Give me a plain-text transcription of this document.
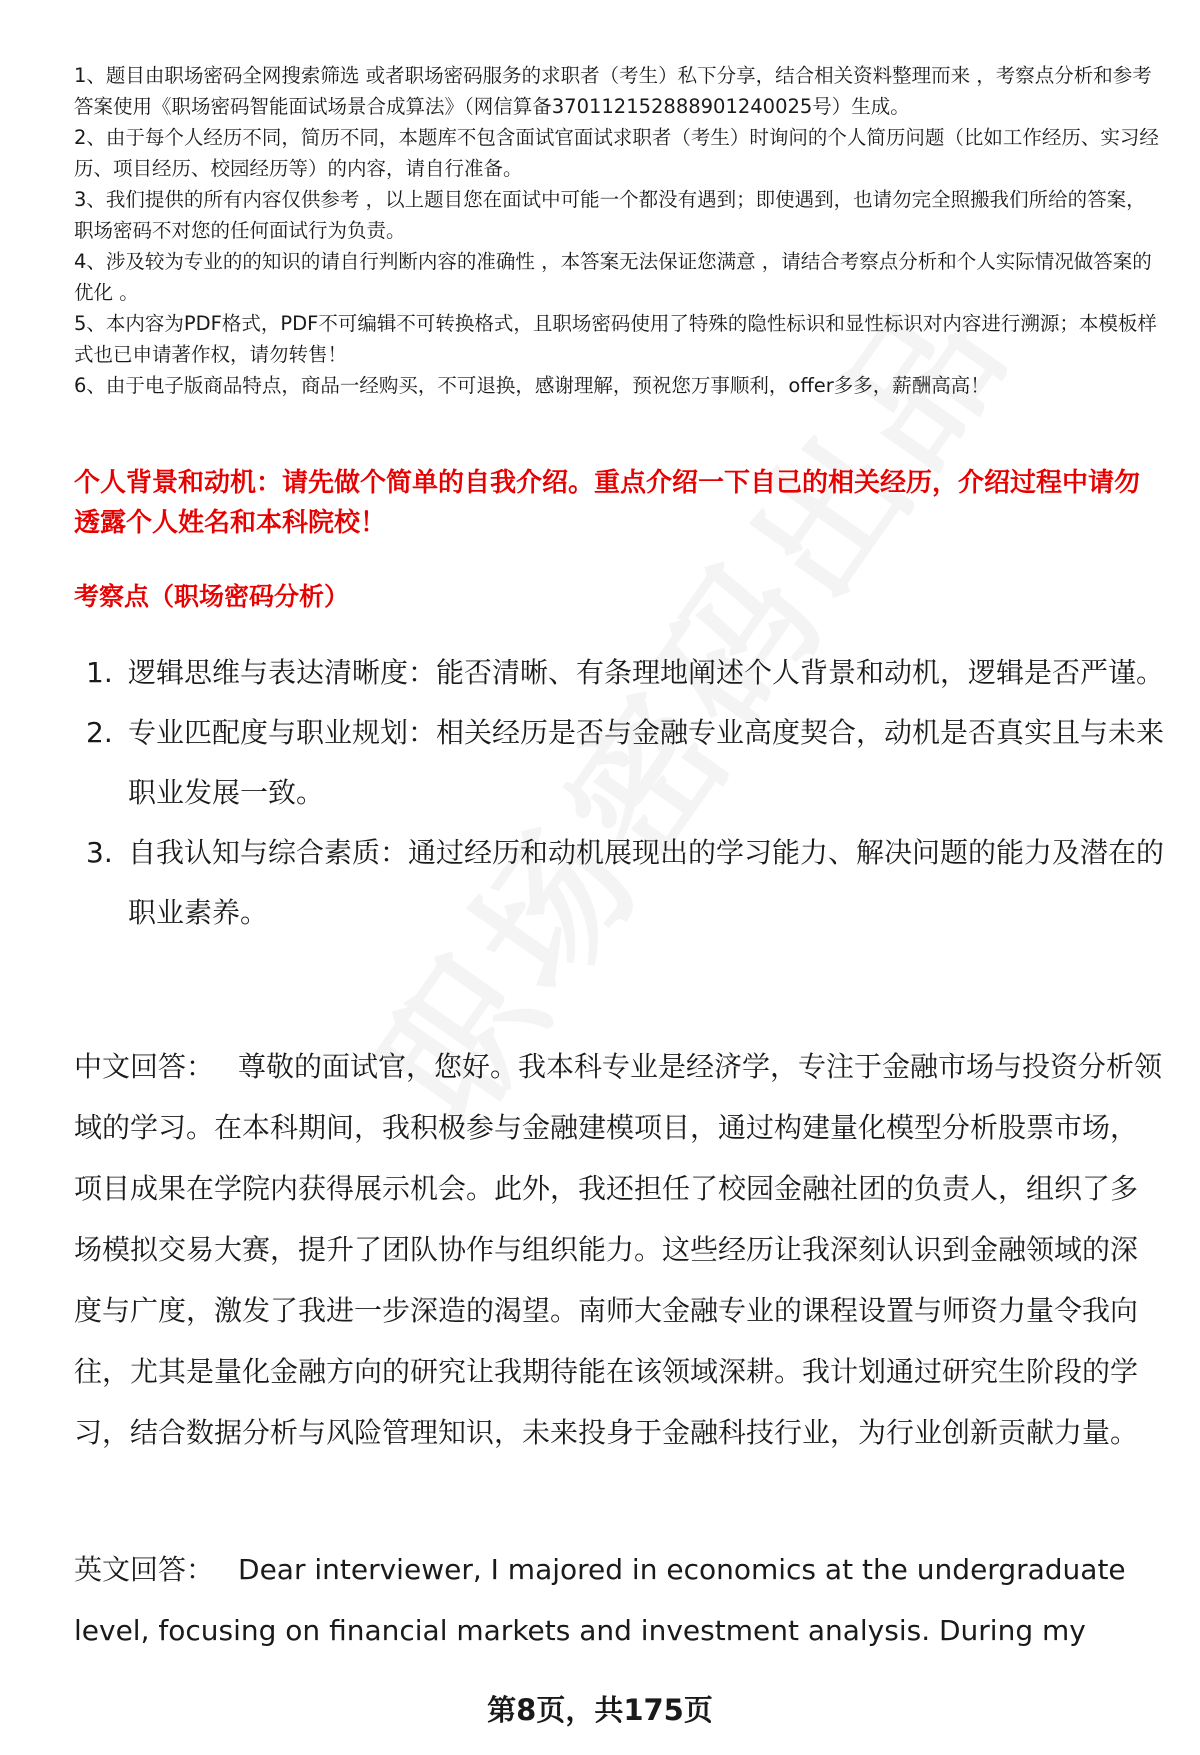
1、题目由职场密码全网搜索筛选 或者职场密码服务的求职者（考生）私下分享，结合相关资料整理而来 ，考察点分析和参考答案使用《职场密码智能面试场景合成算法》（网信算备370112152888901240025号）生成。

2、由于每个人经历不同，简历不同，本题库不包含面试官面试求职者（考生）时询问的个人简历问题（比如工作经历、实习经历、项目经历、校园经历等）的内容，请自行准备。

3、我们提供的所有内容仅供参考 ，以上题目您在面试中可能一个都没有遇到；即使遇到，也请勿完全照搬我们所给的答案，职场密码不对您的任何面试行为负责。

4、涉及较为专业的的知识的请自行判断内容的准确性 ，本答案无法保证您满意 ，请结合考察点分析和个人实际情况做答案的优化 。

5、本内容为PDF格式，PDF不可编辑不可转换格式，且职场密码使用了特殊的隐性标识和显性标识对内容进行溯源；本模板样式也已申请著作权，请勿转售！

6、由于电子版商品特点，商品一经购买，不可退换，感谢理解，预祝您万事顺利，offer多多，薪酬高高！

个人背景和动机：请先做个简单的自我介绍。重点介绍一下自己的相关经历，介绍过程中请勿透露个人姓名和本科院校！

考察点（职场密码分析）

1. 逻辑思维与表达清晰度：能否清晰、有条理地阐述个人背景和动机，逻辑是否严谨。
2. 专业匹配度与职业规划：相关经历是否与金融专业高度契合，动机是否真实且与未来职业发展一致。
3. 自我认知与综合素质：通过经历和动机展现出的学习能力、解决问题的能力及潜在的职业素养。

中文回答： 尊敬的面试官，您好。我本科专业是经济学，专注于金融市场与投资分析领域的学习。在本科期间，我积极参与金融建模项目，通过构建量化模型分析股票市场，项目成果在学院内获得展示机会。此外，我还担任了校园金融社团的负责人，组织了多场模拟交易大赛，提升了团队协作与组织能力。这些经历让我深刻认识到金融领域的深度与广度，激发了我进一步深造的渴望。南师大金融专业的课程设置与师资力量令我向往，尤其是量化金融方向的研究让我期待能在该领域深耕。我计划通过研究生阶段的学习，结合数据分析与风险管理知识，未来投身于金融科技行业，为行业创新贡献力量。

英文回答： Dear interviewer, I majored in economics at the undergraduate level, focusing on financial markets and investment analysis. During my

第8页，共175页
